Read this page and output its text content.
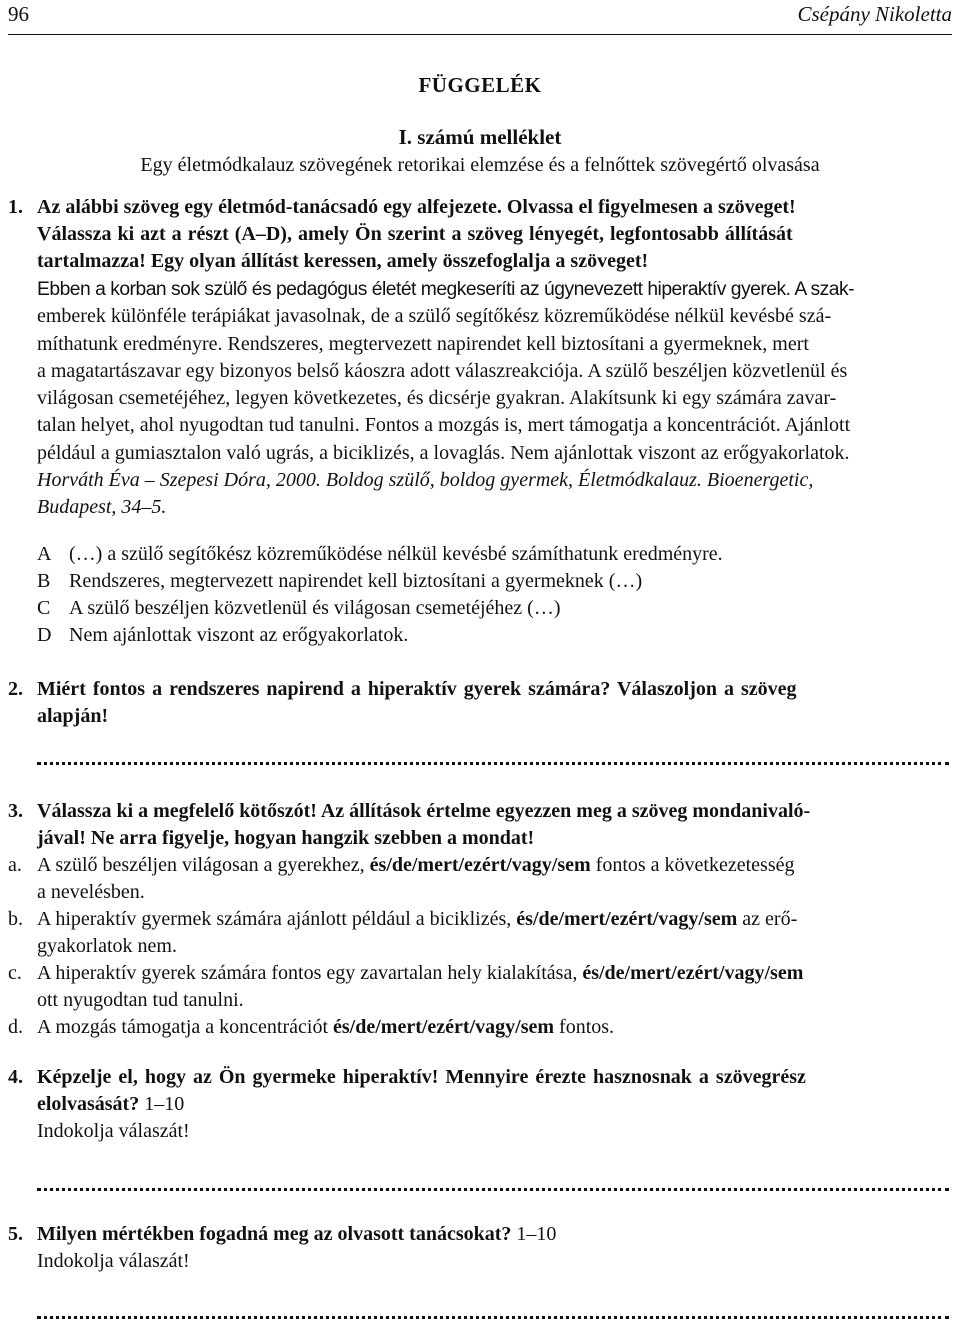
96	Csépány Nikoletta
FÜGGELÉK
I. számú melléklet
Egy életmódkalauz szövegének retorikai elemzése és a felnőttek szövegértő olvasása
1. Az alábbi szöveg egy életmód-tanácsadó egy alfejezete. Olvassa el figyelmesen a szöveget!
Válassza ki azt a részt (A–D), amely Ön szerint a szöveg lényegét, legfontosabb állítását
tartalmazza! Egy olyan állítást keressen, amely összefoglalja a szöveget!
Ebben a korban sok szülő és pedagógus életét megkeseríti az úgynevezett hiperaktív gyerek. A szak-
emberek különféle terápiákat javasolnak, de a szülő segítőkész közreműködése nélkül kevésbé szá-
míthatunk eredményre. Rendszeres, megtervezett napirendet kell biztosítani a gyermeknek, mert
a magatartászavar egy bizonyos belső káoszra adott válaszreakciója. A szülő beszéljen közvetlenül és
világosan csemetéjéhez, legyen következetes, és dicsérje gyakran. Alakítsunk ki egy számára zavar-
talan helyet, ahol nyugodtan tud tanulni. Fontos a mozgás is, mert támogatja a koncentrációt. Ajánlott
például a gumiasztalon való ugrás, a biciklizés, a lovaglás. Nem ajánlottak viszont az erőgyakorlatok.
Horváth Éva – Szepesi Dóra, 2000. Boldog szülő, boldog gyermek, Életmódkalauz. Bioenergetic,
Budapest, 34–5.
A (…) a szülő segítőkész közreműködése nélkül kevésbé számíthatunk eredményre.
B Rendszeres, megtervezett napirendet kell biztosítani a gyermeknek (…)
C A szülő beszéljen közvetlenül és világosan csemetéjéhez (…)
D Nem ajánlottak viszont az erőgyakorlatok.
2. Miért fontos a rendszeres napirend a hiperaktív gyerek számára? Válaszoljon a szöveg
alapján!
3. Válassza ki a megfelelő kötőszót! Az állítások értelme egyezzen meg a szöveg mondanivaló-
jával! Ne arra figyelje, hogyan hangzik szebben a mondat!
a. A szülő beszéljen világosan a gyerekhez, és/de/mert/ezért/vagy/sem fontos a következetesség
a nevelésben.
b. A hiperaktív gyermek számára ajánlott például a biciklizés, és/de/mert/ezért/vagy/sem az erő-
gyakorlatok nem.
c. A hiperaktív gyerek számára fontos egy zavartalan hely kialakítása, és/de/mert/ezért/vagy/sem
ott nyugodtan tud tanulni.
d. A mozgás támogatja a koncentrációt és/de/mert/ezért/vagy/sem fontos.
4. Képzelje el, hogy az Ön gyermeke hiperaktív! Mennyire érezte hasznosnak a szövegrész
elolvasását? 1–10
Indokolja válaszát!
5. Milyen mértékben fogadná meg az olvasott tanácsokat? 1–10
Indokolja válaszát!
